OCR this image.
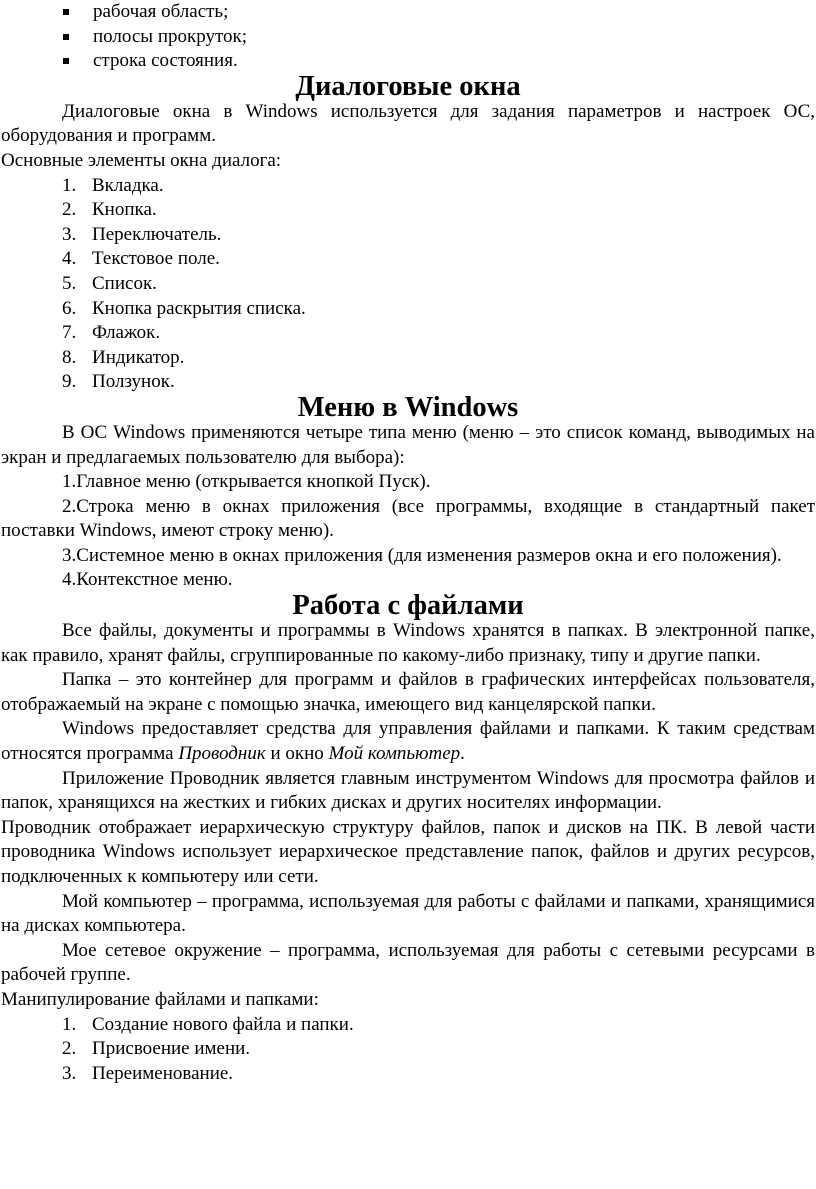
рабочая область;
полосы прокруток;
строка состояния.
Диалоговые окна

Диалоговые окна в Windows используется для задания параметров и настроек ОС, оборудования и программ.

Основные элементы окна диалога:

1. Вкладка.
2. Кнопка.
3. Переключатель.
4. Текстовое поле.
5. Список.
6. Кнопка раскрытия списка.
7. Флажок.
8. Индикатор.
9. Ползунок.
Меню в Windows

В ОС Windows применяются четыре типа меню (меню – это список команд, выводимых на экран и предлагаемых пользователю для выбора):

1.Главное меню (открывается кнопкой Пуск).

2.Строка меню в окнах приложения (все программы, входящие в стандартный пакет поставки Windows, имеют строку меню).

3.Системное меню в окнах приложения (для изменения размеров окна и его положения).

4.Контекстное меню.

Работа с файлами

Все файлы, документы и программы в Windows хранятся в папках. В электронной папке, как правило, хранят файлы, сгруппированные по какому-либо признаку, типу и другие папки.

Папка – это контейнер для программ и файлов в графических интерфейсах пользователя, отображаемый на экране с помощью значка, имеющего вид канцелярской папки.

Windows предоставляет средства для управления файлами и папками. К таким средствам относятся программа Проводник и окно Мой компьютер.

Приложение Проводник является главным инструментом Windows для просмотра файлов и папок, хранящихся на жестких и гибких дисках и других носителях информации.

Проводник отображает иерархическую структуру файлов, папок и дисков на ПК. В левой части проводника Windows использует иерархическое представление папок, файлов и других ресурсов, подключенных к компьютеру или сети.

Мой компьютер – программа, используемая для работы с файлами и папками, хранящимися на дисках компьютера.

Мое сетевое окружение – программа, используемая для работы с сетевыми ресурсами в рабочей группе.

Манипулирование файлами и папками:

1. Создание нового файла и папки.
2. Присвоение имени.
3. Переименование.
